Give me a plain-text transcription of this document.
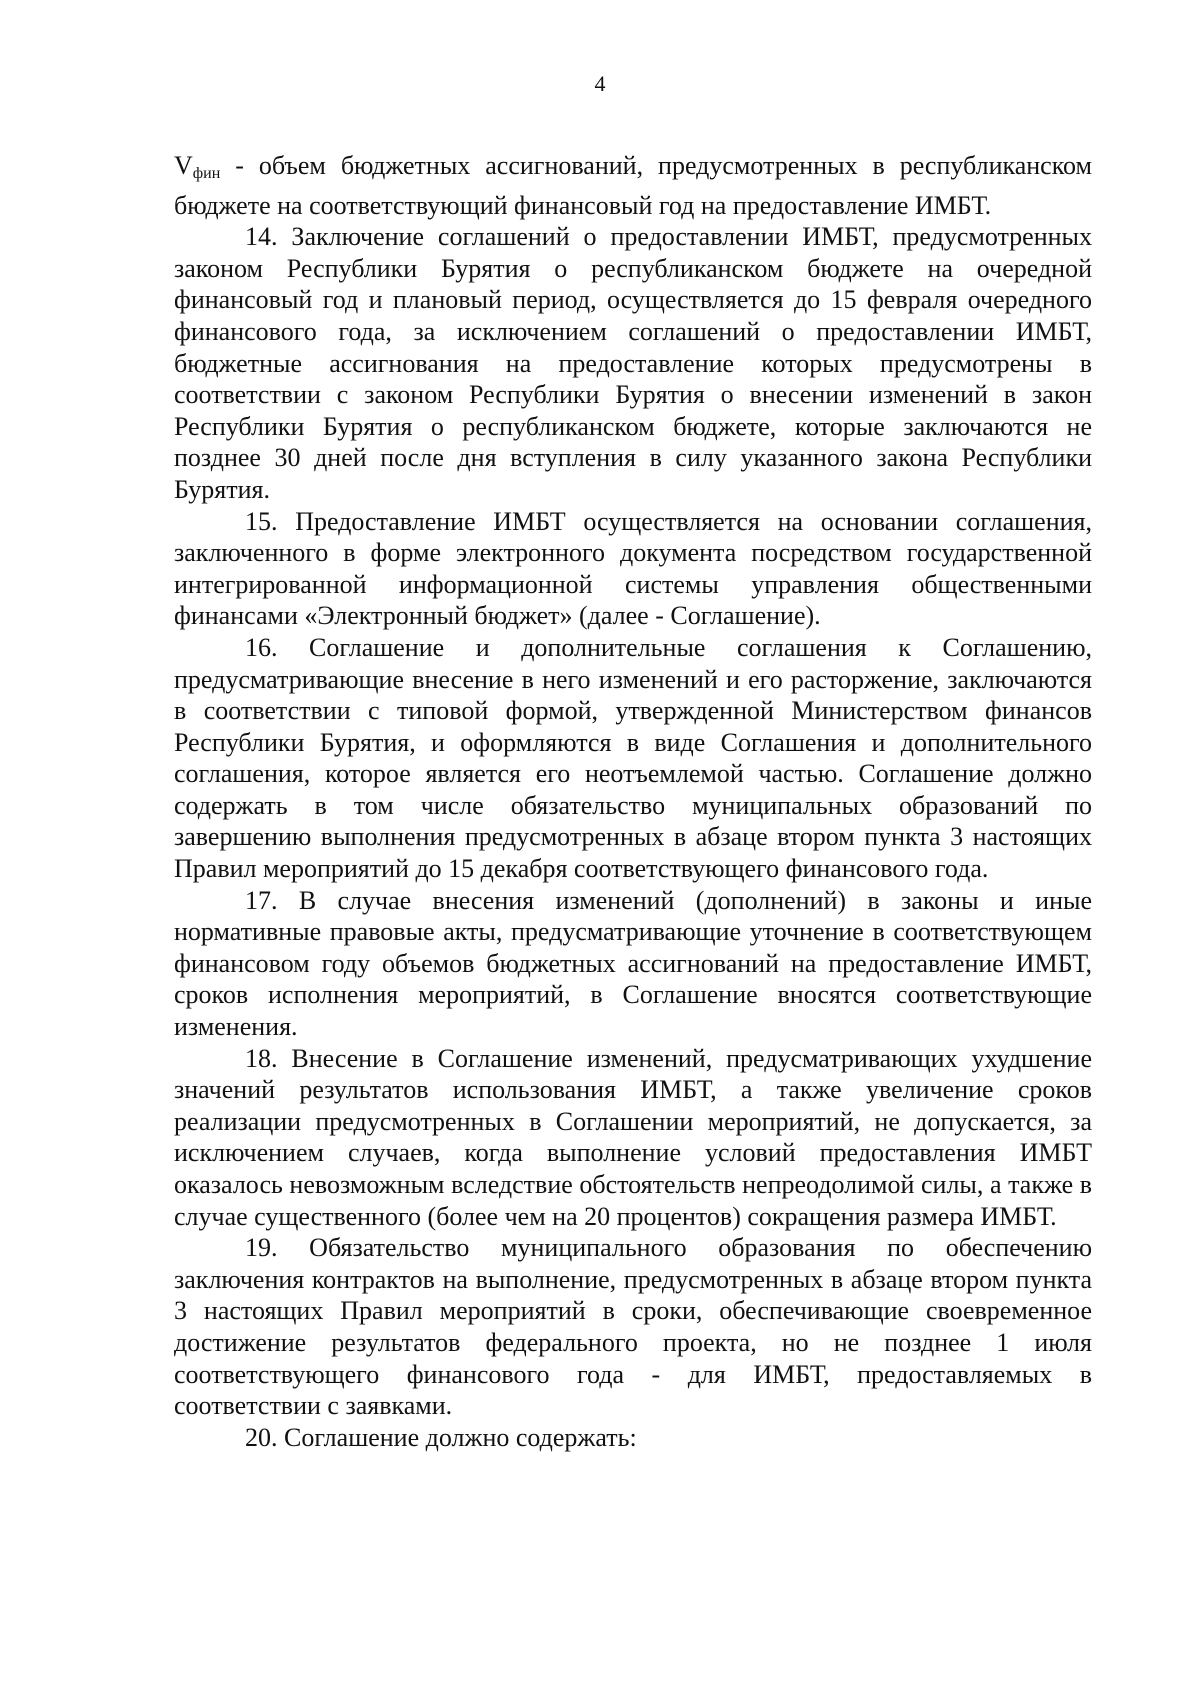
4

$V_{фин}$ - объем бюджетных ассигнований, предусмотренных в республиканском бюджете на соответствующий финансовый год на предоставление ИМБТ.

14. Заключение соглашений о предоставлении ИМБТ, предусмотренных законом Республики Бурятия о республиканском бюджете на очередной финансовый год и плановый период, осуществляется до 15 февраля очередного финансового года, за исключением соглашений о предоставлении ИМБТ, бюджетные ассигнования на предоставление которых предусмотрены в соответствии с законом Республики Бурятия о внесении изменений в закон Республики Бурятия о республиканском бюджете, которые заключаются не позднее 30 дней после дня вступления в силу указанного закона Республики Бурятия.

15. Предоставление ИМБТ осуществляется на основании соглашения, заключенного в форме электронного документа посредством государственной интегрированной информационной системы управления общественными финансами «Электронный бюджет» (далее - Соглашение).

16. Соглашение и дополнительные соглашения к Соглашению, предусматривающие внесение в него изменений и его расторжение, заключаются в соответствии с типовой формой, утвержденной Министерством финансов Республики Бурятия, и оформляются в виде Соглашения и дополнительного соглашения, которое является его неотъемлемой частью. Соглашение должно содержать в том числе обязательство муниципальных образований по завершению выполнения предусмотренных в абзаце втором пункта 3 настоящих Правил мероприятий до 15 декабря соответствующего финансового года.

17. В случае внесения изменений (дополнений) в законы и иные нормативные правовые акты, предусматривающие уточнение в соответствующем финансовом году объемов бюджетных ассигнований на предоставление ИМБТ, сроков исполнения мероприятий, в Соглашение вносятся соответствующие изменения.

18. Внесение в Соглашение изменений, предусматривающих ухудшение значений результатов использования ИМБТ, а также увеличение сроков реализации предусмотренных в Соглашении мероприятий, не допускается, за исключением случаев, когда выполнение условий предоставления ИМБТ оказалось невозможным вследствие обстоятельств непреодолимой силы, а также в случае существенного (более чем на 20 процентов) сокращения размера ИМБТ.

19. Обязательство муниципального образования по обеспечению заключения контрактов на выполнение, предусмотренных в абзаце втором пункта 3 настоящих Правил мероприятий в сроки, обеспечивающие своевременное достижение результатов федерального проекта, но не позднее 1 июля соответствующего финансового года - для ИМБТ, предоставляемых в соответствии с заявками.

20. Соглашение должно содержать:
